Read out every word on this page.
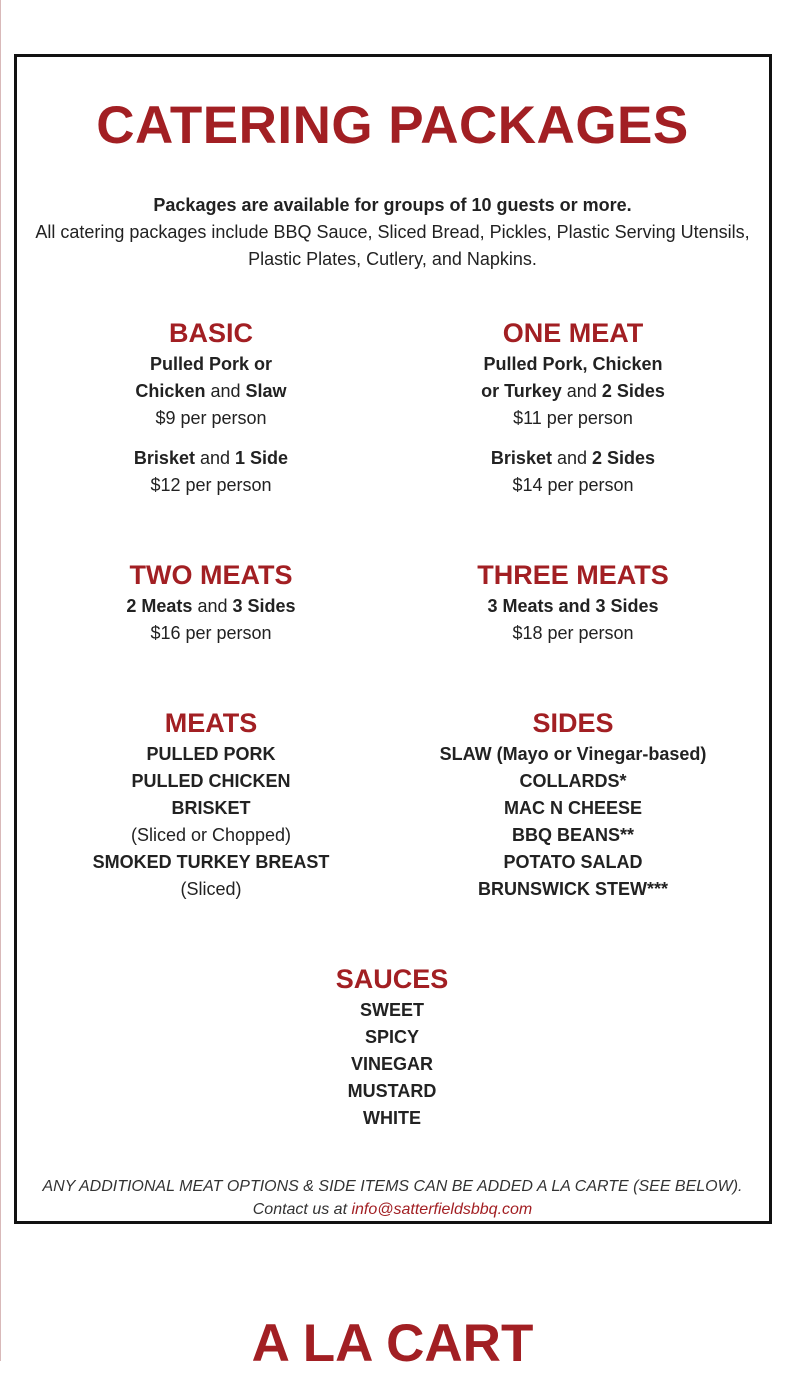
CATERING PACKAGES
Packages are available for groups of 10 guests or more.
All catering packages include BBQ Sauce, Sliced Bread, Pickles, Plastic Serving Utensils, Plastic Plates, Cutlery, and Napkins.
BASIC
Pulled Pork or
Chicken and Slaw
$9 per person
Brisket and 1 Side
$12 per person
ONE MEAT
Pulled Pork, Chicken
or Turkey and 2 Sides
$11 per person
Brisket and 2 Sides
$14 per person
TWO MEATS
2 Meats and 3 Sides
$16 per person
THREE MEATS
3 Meats and 3 Sides
$18 per person
MEATS
PULLED PORK
PULLED CHICKEN
BRISKET
(Sliced or Chopped)
SMOKED TURKEY BREAST
(Sliced)
SIDES
SLAW (Mayo or Vinegar-based)
COLLARDS*
MAC N CHEESE
BBQ BEANS**
POTATO SALAD
BRUNSWICK STEW***
SAUCES
SWEET
SPICY
VINEGAR
MUSTARD
WHITE
ANY ADDITIONAL MEAT OPTIONS & SIDE ITEMS CAN BE ADDED A LA CARTE (SEE BELOW).
Contact us at info@satterfieldsbbq.com
A LA CART
